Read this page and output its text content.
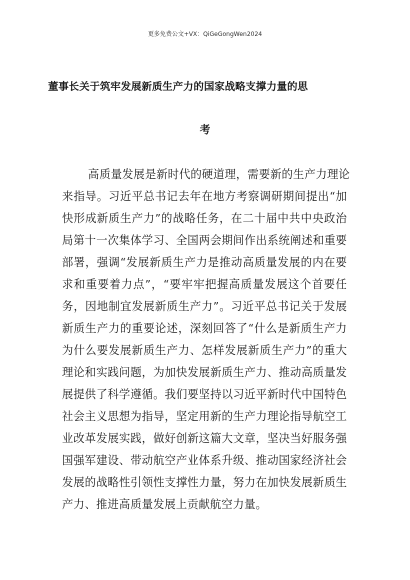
更多免费公文+VX：QiGeGongWen2024
董事长关于筑牢发展新质生产力的国家战略支撑力量的思
考
高质量发展是新时代的硬道理，需要新的生产力理论
来指导。习近平总书记去年在地方考察调研期间提出“加
快形成新质生产力”的战略任务，在二十届中共中央政治
局第十一次集体学习、全国两会期间作出系统阐述和重要
部署，强调“发展新质生产力是推动高质量发展的内在要
求和重要着力点”，“要牢牢把握高质量发展这个首要任
务，因地制宜发展新质生产力”。习近平总书记关于发展
新质生产力的重要论述，深刻回答了“什么是新质生产力
为什么要发展新质生产力、怎样发展新质生产力”的重大
理论和实践问题，为加快发展新质生产力、推动高质量发
展提供了科学遵循。我们要坚持以习近平新时代中国特色
社会主义思想为指导，坚定用新的生产力理论指导航空工
业改革发展实践，做好创新这篇大文章，坚决当好服务强
国强军建设、带动航空产业体系升级、推动国家经济社会
发展的战略性引领性支撑性力量，努力在加快发展新质生
产力、推进高质量发展上贡献航空力量。
